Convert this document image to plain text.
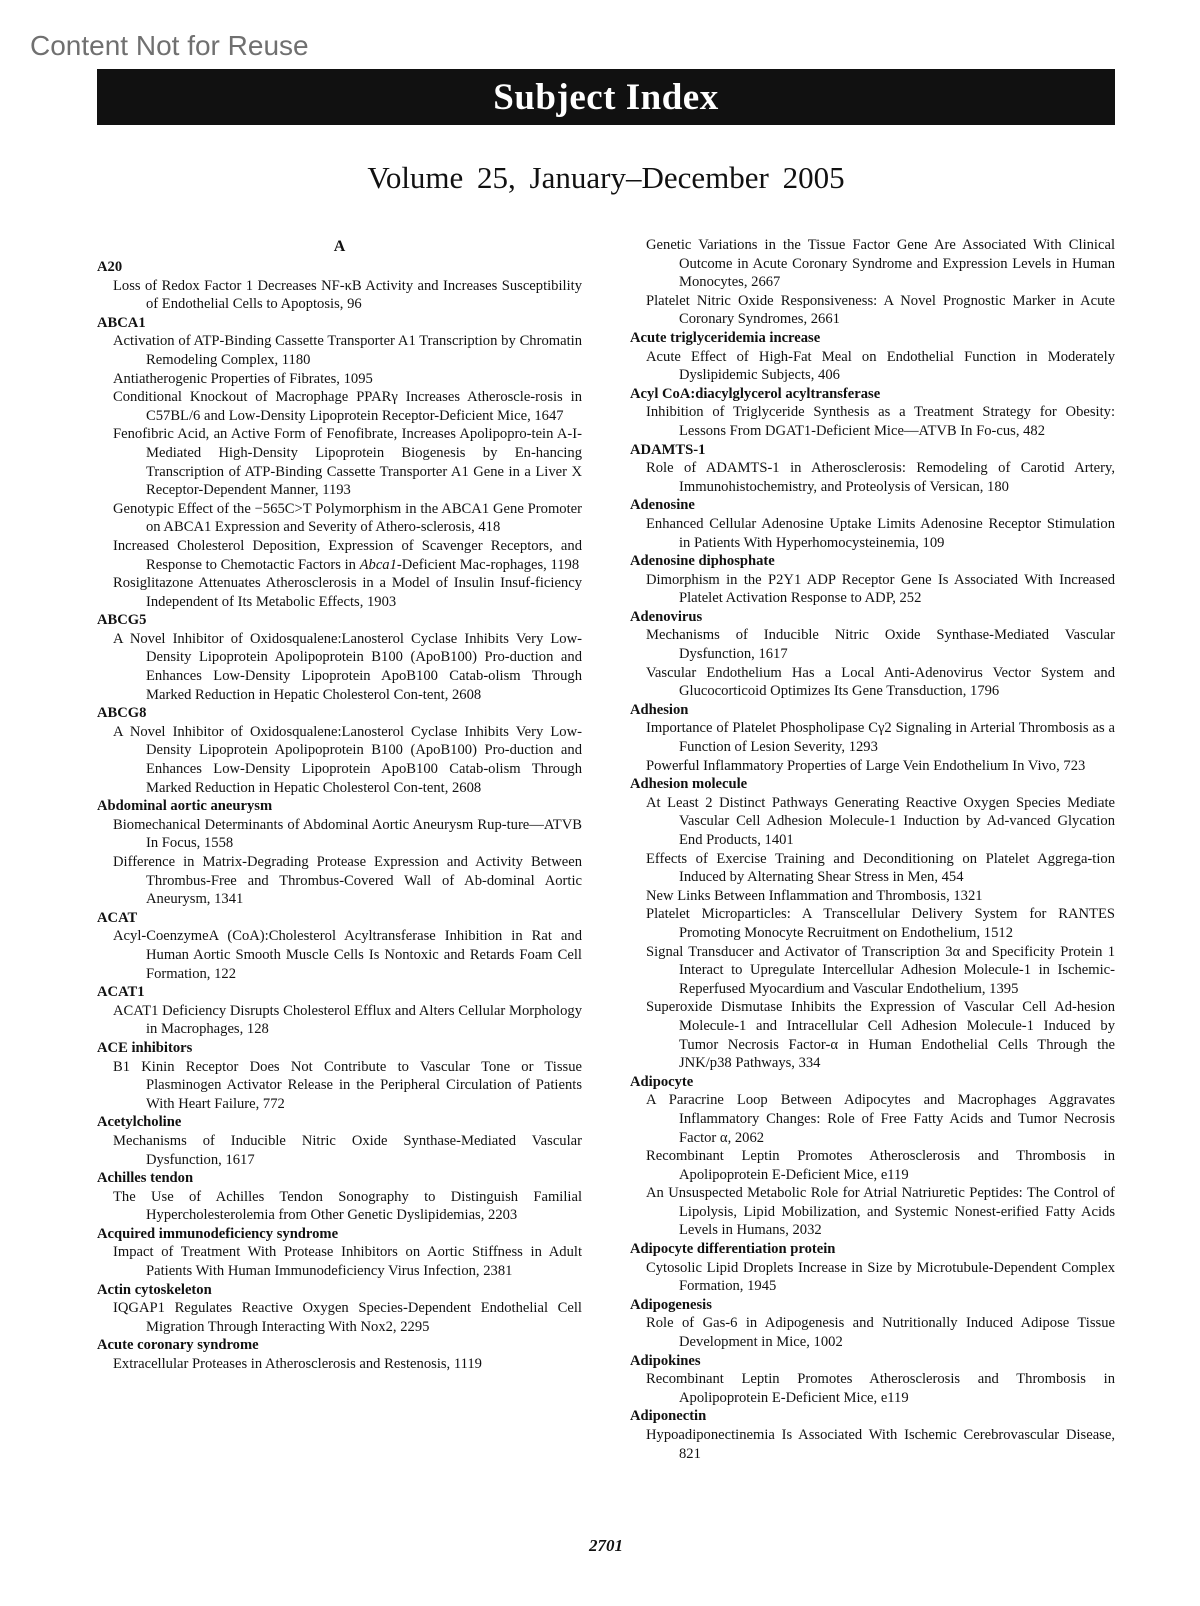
Content Not for Reuse
Subject Index
Volume 25, January–December 2005
A
A20
Loss of Redox Factor 1 Decreases NF-κB Activity and Increases Susceptibility of Endothelial Cells to Apoptosis, 96
ABCA1
Activation of ATP-Binding Cassette Transporter A1 Transcription by Chromatin Remodeling Complex, 1180
Antiatherogenic Properties of Fibrates, 1095
Conditional Knockout of Macrophage PPARγ Increases Atheroscle-rosis in C57BL/6 and Low-Density Lipoprotein Receptor-Deficient Mice, 1647
Fenofibric Acid, an Active Form of Fenofibrate, Increases Apolipopro-tein A-I-Mediated High-Density Lipoprotein Biogenesis by En-hancing Transcription of ATP-Binding Cassette Transporter A1 Gene in a Liver X Receptor-Dependent Manner, 1193
Genotypic Effect of the −565C>T Polymorphism in the ABCA1 Gene Promoter on ABCA1 Expression and Severity of Athero-sclerosis, 418
Increased Cholesterol Deposition, Expression of Scavenger Receptors, and Response to Chemotactic Factors in Abca1-Deficient Mac-rophages, 1198
Rosiglitazone Attenuates Atherosclerosis in a Model of Insulin Insuf-ficiency Independent of Its Metabolic Effects, 1903
ABCG5
A Novel Inhibitor of Oxidosqualene:Lanosterol Cyclase Inhibits Very Low-Density Lipoprotein Apolipoprotein B100 (ApoB100) Pro-duction and Enhances Low-Density Lipoprotein ApoB100 Catab-olism Through Marked Reduction in Hepatic Cholesterol Con-tent, 2608
ABCG8
A Novel Inhibitor of Oxidosqualene:Lanosterol Cyclase Inhibits Very Low-Density Lipoprotein Apolipoprotein B100 (ApoB100) Pro-duction and Enhances Low-Density Lipoprotein ApoB100 Catab-olism Through Marked Reduction in Hepatic Cholesterol Con-tent, 2608
Abdominal aortic aneurysm
Biomechanical Determinants of Abdominal Aortic Aneurysm Rup-ture—ATVB In Focus, 1558
Difference in Matrix-Degrading Protease Expression and Activity Between Thrombus-Free and Thrombus-Covered Wall of Ab-dominal Aortic Aneurysm, 1341
ACAT
Acyl-CoenzymeA (CoA):Cholesterol Acyltransferase Inhibition in Rat and Human Aortic Smooth Muscle Cells Is Nontoxic and Retards Foam Cell Formation, 122
ACAT1
ACAT1 Deficiency Disrupts Cholesterol Efflux and Alters Cellular Morphology in Macrophages, 128
ACE inhibitors
B1 Kinin Receptor Does Not Contribute to Vascular Tone or Tissue Plasminogen Activator Release in the Peripheral Circulation of Patients With Heart Failure, 772
Acetylcholine
Mechanisms of Inducible Nitric Oxide Synthase-Mediated Vascular Dysfunction, 1617
Achilles tendon
The Use of Achilles Tendon Sonography to Distinguish Familial Hypercholesterolemia from Other Genetic Dyslipidemias, 2203
Acquired immunodeficiency syndrome
Impact of Treatment With Protease Inhibitors on Aortic Stiffness in Adult Patients With Human Immunodeficiency Virus Infection, 2381
Actin cytoskeleton
IQGAP1 Regulates Reactive Oxygen Species-Dependent Endothelial Cell Migration Through Interacting With Nox2, 2295
Acute coronary syndrome
Extracellular Proteases in Atherosclerosis and Restenosis, 1119
Genetic Variations in the Tissue Factor Gene Are Associated With Clinical Outcome in Acute Coronary Syndrome and Expression Levels in Human Monocytes, 2667
Platelet Nitric Oxide Responsiveness: A Novel Prognostic Marker in Acute Coronary Syndromes, 2661
Acute triglyceridemia increase
Acute Effect of High-Fat Meal on Endothelial Function in Moderately Dyslipidemic Subjects, 406
Acyl CoA:diacylglycerol acyltransferase
Inhibition of Triglyceride Synthesis as a Treatment Strategy for Obesity: Lessons From DGAT1-Deficient Mice—ATVB In Fo-cus, 482
ADAMTS-1
Role of ADAMTS-1 in Atherosclerosis: Remodeling of Carotid Artery, Immunohistochemistry, and Proteolysis of Versican, 180
Adenosine
Enhanced Cellular Adenosine Uptake Limits Adenosine Receptor Stimulation in Patients With Hyperhomocysteinemia, 109
Adenosine diphosphate
Dimorphism in the P2Y1 ADP Receptor Gene Is Associated With Increased Platelet Activation Response to ADP, 252
Adenovirus
Mechanisms of Inducible Nitric Oxide Synthase-Mediated Vascular Dysfunction, 1617
Vascular Endothelium Has a Local Anti-Adenovirus Vector System and Glucocorticoid Optimizes Its Gene Transduction, 1796
Adhesion
Importance of Platelet Phospholipase Cγ2 Signaling in Arterial Thrombosis as a Function of Lesion Severity, 1293
Powerful Inflammatory Properties of Large Vein Endothelium In Vivo, 723
Adhesion molecule
At Least 2 Distinct Pathways Generating Reactive Oxygen Species Mediate Vascular Cell Adhesion Molecule-1 Induction by Ad-vanced Glycation End Products, 1401
Effects of Exercise Training and Deconditioning on Platelet Aggrega-tion Induced by Alternating Shear Stress in Men, 454
New Links Between Inflammation and Thrombosis, 1321
Platelet Microparticles: A Transcellular Delivery System for RANTES Promoting Monocyte Recruitment on Endothelium, 1512
Signal Transducer and Activator of Transcription 3α and Specificity Protein 1 Interact to Upregulate Intercellular Adhesion Molecule-1 in Ischemic-Reperfused Myocardium and Vascular Endothelium, 1395
Superoxide Dismutase Inhibits the Expression of Vascular Cell Ad-hesion Molecule-1 and Intracellular Cell Adhesion Molecule-1 Induced by Tumor Necrosis Factor-α in Human Endothelial Cells Through the JNK/p38 Pathways, 334
Adipocyte
A Paracrine Loop Between Adipocytes and Macrophages Aggravates Inflammatory Changes: Role of Free Fatty Acids and Tumor Necrosis Factor α, 2062
Recombinant Leptin Promotes Atherosclerosis and Thrombosis in Apolipoprotein E-Deficient Mice, e119
An Unsuspected Metabolic Role for Atrial Natriuretic Peptides: The Control of Lipolysis, Lipid Mobilization, and Systemic Nonest-erified Fatty Acids Levels in Humans, 2032
Adipocyte differentiation protein
Cytosolic Lipid Droplets Increase in Size by Microtubule-Dependent Complex Formation, 1945
Adipogenesis
Role of Gas-6 in Adipogenesis and Nutritionally Induced Adipose Tissue Development in Mice, 1002
Adipokines
Recombinant Leptin Promotes Atherosclerosis and Thrombosis in Apolipoprotein E-Deficient Mice, e119
Adiponectin
Hypoadiponectinemia Is Associated With Ischemic Cerebrovascular Disease, 821
2701
